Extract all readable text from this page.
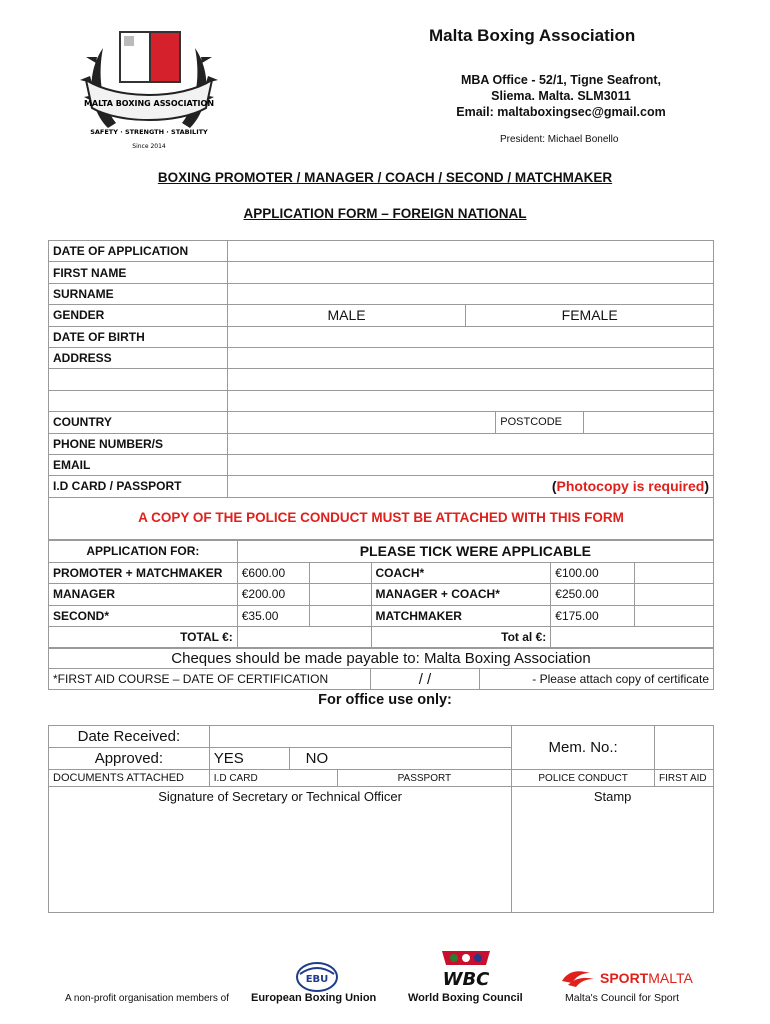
MALTA BOXING ASSOCIATION
SAFETY · STRENGTH · STABILITY
Since 2014
Malta Boxing Association
MBA Office - 52/1, Tigne Seafront,
Sliema. Malta. SLM3011
Email: maltaboxingsec@gmail.com
President: Michael Bonello
BOXING PROMOTER / MANAGER / COACH / SECOND / MATCHMAKER
APPLICATION FORM – FOREIGN NATIONAL
DATE OF APPLICATION				
FIRST NAME				
SURNAME				
GENDER	MALE	FEMALE		
DATE OF BIRTH				
ADDRESS				

COUNTRY			POSTCODE	
PHONE NUMBER/S				
EMAIL				
I.D CARD / PASSPORT	(Photocopy is required)			
A COPY OF THE POLICE CONDUCT MUST BE ATTACHED WITH THIS FORM
APPLICATION FOR:	PLEASE TICK WERE APPLICABLE				
PROMOTER + MATCHMAKER	€600.00		COACH*	€100.00	
MANAGER	€200.00		MANAGER + COACH*	€250.00	
SECOND*	€35.00		MATCHMAKER	€175.00	
TOTAL €:			Tot al €:		
Cheques should be made payable to: Malta Boxing Association
*FIRST AID COURSE – DATE OF CERTIFICATION	/ /	- Please attach copy of certificate
For office use only:
Date Received:				Mem. No.:	
Approved:	YES	NO			
DOCUMENTS ATTACHED	I.D CARD		PASSPORT	POLICE CONDUCT	FIRST AID
Signature of Secretary or Technical Officer				Stamp	
A non-profit organisation members of
EBU
European Boxing Union
WBC
World Boxing Council
SPORTMALTA
Malta's Council for Sport
